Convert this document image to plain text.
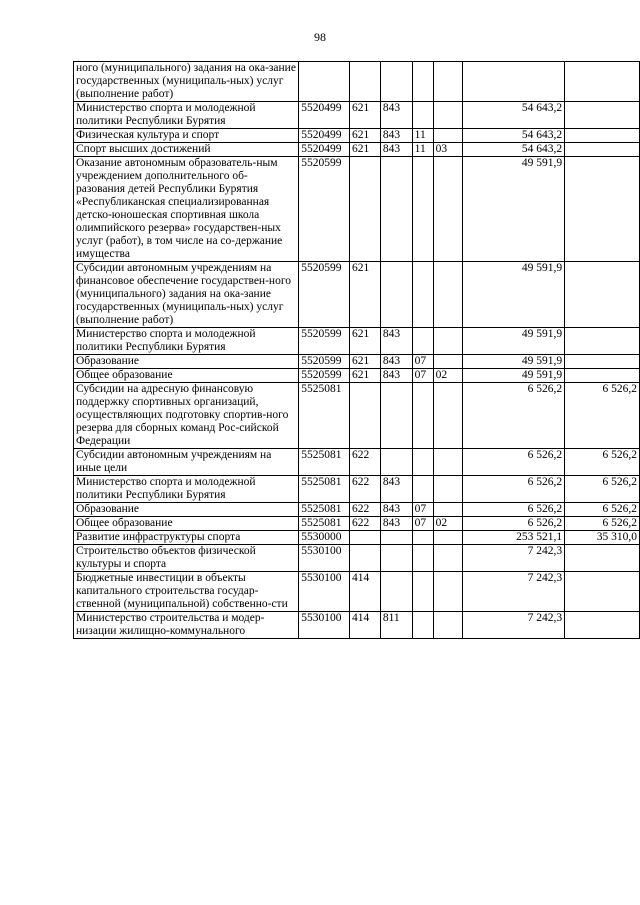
98
ного (муниципального) задания на ока-зание государственных (муниципаль-ных) услуг (выполнение работ)							
Министерство спорта и молодежной политики Республики Бурятия	5520499	621	843			54 643,2	
Физическая культура и спорт	5520499	621	843	11		54 643,2	
Спорт высших достижений	5520499	621	843	11	03	54 643,2	
Оказание автономным образователь-ным учреждением дополнительного об-разования детей Республики Бурятия «Республиканская специализированная детско-юношеская спортивная школа олимпийского резерва» государствен-ных услуг (работ), в том числе на со-держание имущества	5520599					49 591,9	
Субсидии автономным учреждениям на финансовое обеспечение государствен-ного (муниципального) задания на ока-зание государственных (муниципаль-ных) услуг (выполнение работ)	5520599	621				49 591,9	
Министерство спорта и молодежной политики Республики Бурятия	5520599	621	843			49 591,9	
Образование	5520599	621	843	07		49 591,9	
Общее образование	5520599	621	843	07	02	49 591,9	
Субсидии на адресную финансовую поддержку спортивных организаций, осуществляющих подготовку спортив-ного резерва для сборных команд Рос-сийской Федерации	5525081					6 526,2	6 526,2
Субсидии автономным учреждениям на иные цели	5525081	622				6 526,2	6 526,2
Министерство спорта и молодежной политики Республики Бурятия	5525081	622	843			6 526,2	6 526,2
Образование	5525081	622	843	07		6 526,2	6 526,2
Общее образование	5525081	622	843	07	02	6 526,2	6 526,2
Развитие инфраструктуры спорта	5530000					253 521,1	35 310,0
Строительство объектов физической культуры и спорта	5530100					7 242,3	
Бюджетные инвестиции в объекты капитального строительства государ-ственной (муниципальной) собственно-сти	5530100	414				7 242,3	
Министерство строительства и модер-низации жилищно-коммунального	5530100	414	811			7 242,3	
